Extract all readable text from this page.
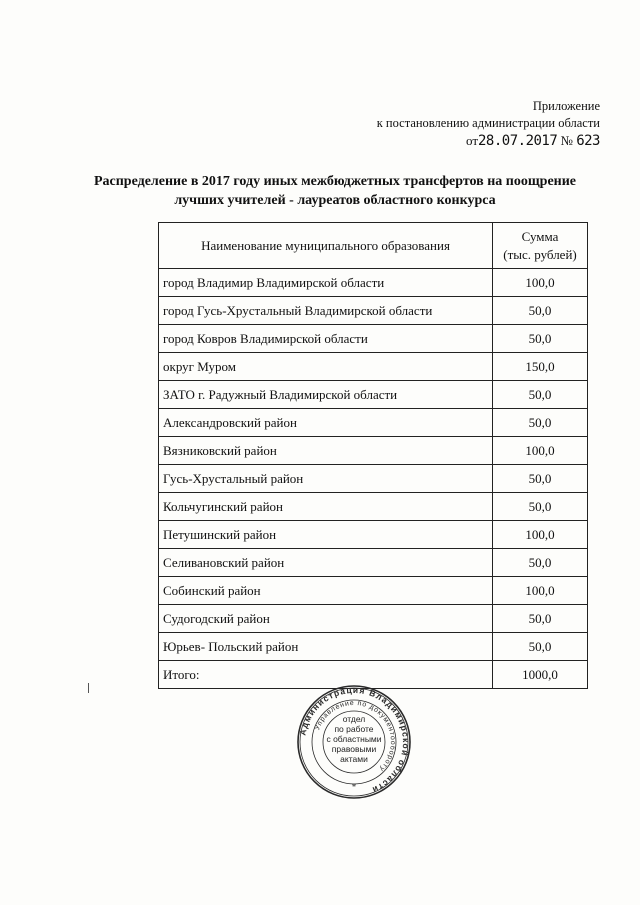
Приложение
к постановлению администрации области
от28.07.2017 № 623
Распределение в 2017 году иных межбюджетных трансфертов на поощрение
лучших учителей - лауреатов областного конкурса
Наименование муниципального образования	Сумма
(тыс. рублей)

город Владимир Владимирской области	100,0
город Гусь-Хрустальный Владимирской области	50,0
город Ковров Владимирской области	50,0
округ Муром	150,0
ЗАТО г. Радужный Владимирской области	50,0
Александровский район	50,0
Вязниковский район	100,0
Гусь-Хрустальный район	50,0
Кольчугинский район	50,0
Петушинский район	100,0
Селивановский район	50,0
Собинский район	100,0
Судогодский район	50,0
Юрьев- Польский район	50,0
Итого:	1000,0
Администрация Владимирской области
Управление по документообороту
*
отдел
по работе
с областными
правовыми
актами
